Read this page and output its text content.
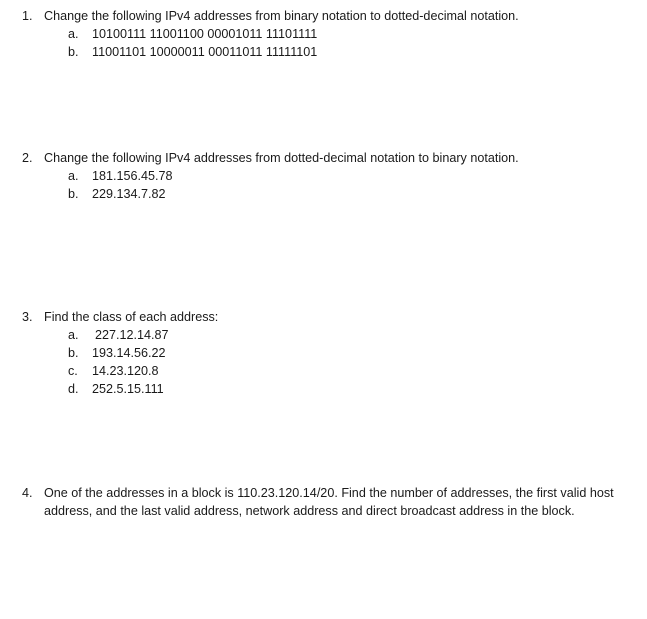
1. Change the following IPv4 addresses from binary notation to dotted-decimal notation.
a. 10100111 11001100 00001011 11101111
b. 11001101 10000011 00011011 11111101
2. Change the following IPv4 addresses from dotted-decimal notation to binary notation.
a. 181.156.45.78
b. 229.134.7.82
3. Find the class of each address:
a. 227.12.14.87
b. 193.14.56.22
c. 14.23.120.8
d. 252.5.15.111
4. One of the addresses in a block is 110.23.120.14/20. Find the number of addresses, the first valid host address, and the last valid address, network address and direct broadcast address in the block.
